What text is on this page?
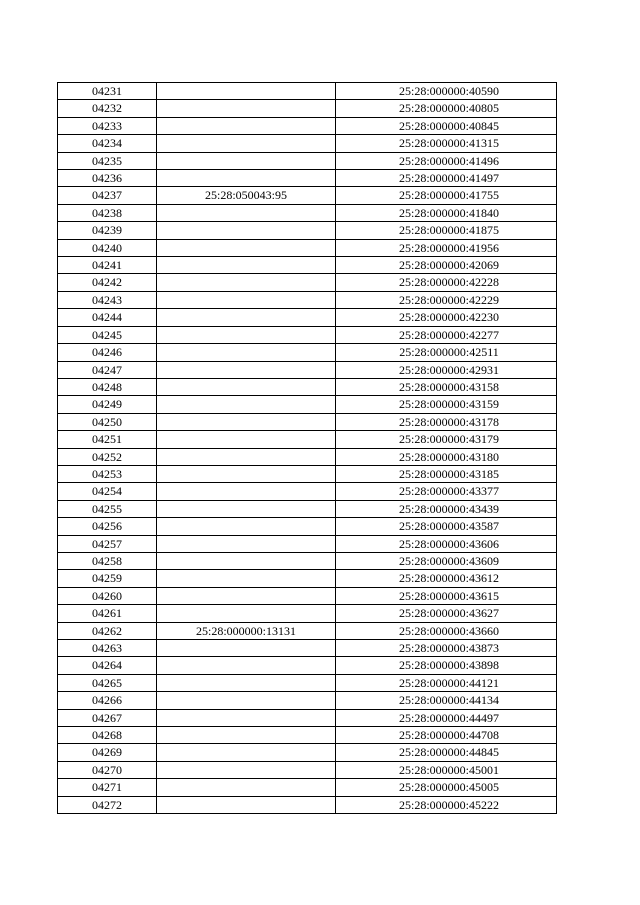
04231		25:28:000000:40590
04232		25:28:000000:40805
04233		25:28:000000:40845
04234		25:28:000000:41315
04235		25:28:000000:41496
04236		25:28:000000:41497
04237	25:28:050043:95	25:28:000000:41755
04238		25:28:000000:41840
04239		25:28:000000:41875
04240		25:28:000000:41956
04241		25:28:000000:42069
04242		25:28:000000:42228
04243		25:28:000000:42229
04244		25:28:000000:42230
04245		25:28:000000:42277
04246		25:28:000000:42511
04247		25:28:000000:42931
04248		25:28:000000:43158
04249		25:28:000000:43159
04250		25:28:000000:43178
04251		25:28:000000:43179
04252		25:28:000000:43180
04253		25:28:000000:43185
04254		25:28:000000:43377
04255		25:28:000000:43439
04256		25:28:000000:43587
04257		25:28:000000:43606
04258		25:28:000000:43609
04259		25:28:000000:43612
04260		25:28:000000:43615
04261		25:28:000000:43627
04262	25:28:000000:13131	25:28:000000:43660
04263		25:28:000000:43873
04264		25:28:000000:43898
04265		25:28:000000:44121
04266		25:28:000000:44134
04267		25:28:000000:44497
04268		25:28:000000:44708
04269		25:28:000000:44845
04270		25:28:000000:45001
04271		25:28:000000:45005
04272		25:28:000000:45222
